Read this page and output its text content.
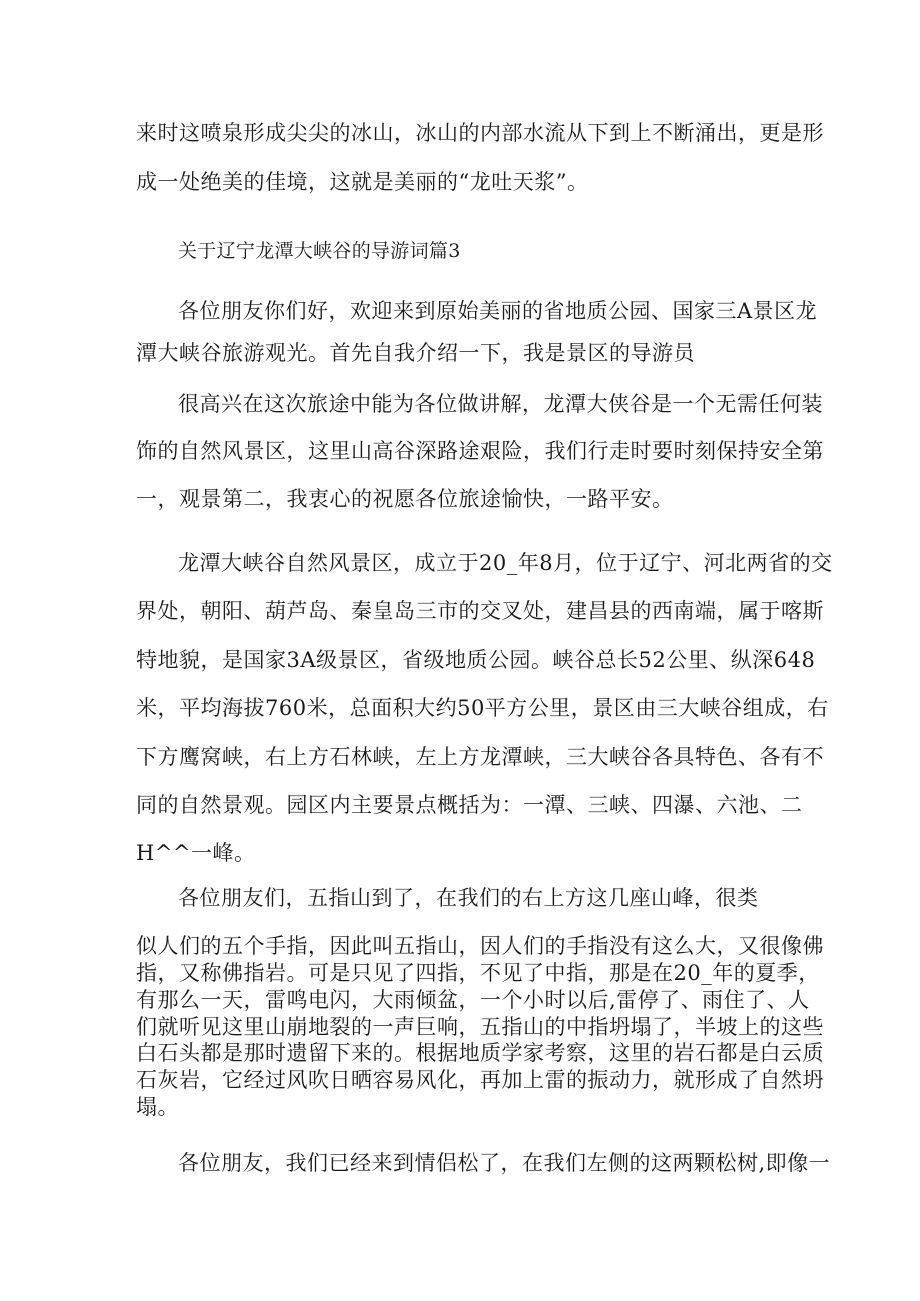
来时这喷泉形成尖尖的冰山，冰山的内部水流从下到上不断涌出，更是形
成一处绝美的佳境，这就是美丽的“龙吐天浆”。
关于辽宁龙潭大峡谷的导游词篇3
各位朋友你们好，欢迎来到原始美丽的省地质公园、国家三A景区龙
潭大峡谷旅游观光。首先自我介绍一下，我是景区的导游员
很高兴在这次旅途中能为各位做讲解，龙潭大侠谷是一个无需任何装
饰的自然风景区，这里山高谷深路途艰险，我们行走时要时刻保持安全第
一，观景第二，我衷心的祝愿各位旅途愉快，一路平安。
龙潭大峡谷自然风景区，成立于20_年8月，位于辽宁、河北两省的交
界处，朝阳、葫芦岛、秦皇岛三市的交叉处，建昌县的西南端，属于喀斯
特地貌，是国家3A级景区，省级地质公园。峡谷总长52公里、纵深648
米，平均海拔760米，总面积大约50平方公里，景区由三大峡谷组成，右
下方鹰窝峡，右上方石林峡，左上方龙潭峡，三大峡谷各具特色、各有不
同的自然景观。园区内主要景点概括为：一潭、三峡、四瀑、六池、二
H^^一峰。
各位朋友们，五指山到了，在我们的右上方这几座山峰，很类
似人们的五个手指，因此叫五指山，因人们的手指没有这么大，又很像佛
指，又称佛指岩。可是只见了四指，不见了中指，那是在20_年的夏季，
有那么一天，雷鸣电闪，大雨倾盆，一个小时以后,雷停了、雨住了、人
们就听见这里山崩地裂的一声巨响，五指山的中指坍塌了，半坡上的这些
白石头都是那时遗留下来的。根据地质学家考察，这里的岩石都是白云质
石灰岩，它经过风吹日晒容易风化，再加上雷的振动力，就形成了自然坍
塌。
各位朋友，我们已经来到情侣松了，在我们左侧的这两颗松树,即像一
